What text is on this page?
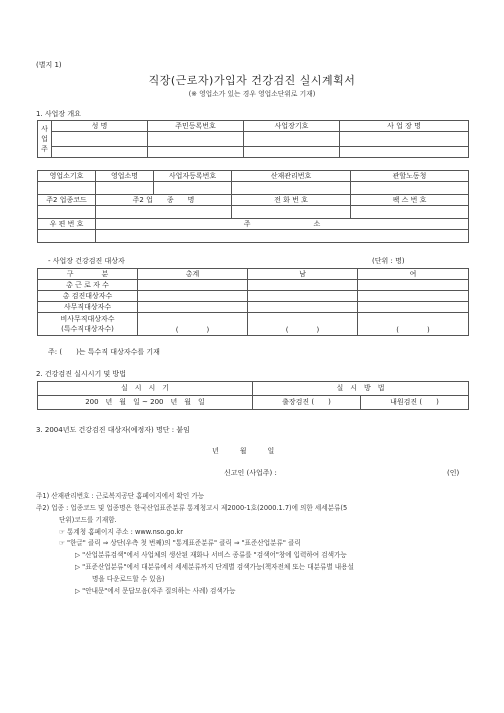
(별지 1)
직장(근로자)가입자 건강검진 실시계획서
(※ 영업소가 있는 경우 영업소단위로 기재)
1. 사업장 개요
사
업
주	성 명	주민등록번호	사업장기호	사 업 장 명

영업소기호	영업소명	사업자등록번호	산재관리번호	관할노동청

주2 업종코드	주2 업　　종　　명		전 화 번 호	팩 스 번 호

우 편 번 호	주　　　　　　　　　소			

- 사업장 건강검진 대상자	(단위 : 명)
구　　　　분	총계	남	여
총 근 로 자 수			
총 검진대상자수			
사무직대상자수			

비사무직대상자수
(특수직대상자수)	(　　　　)	(　　　　)	(　　　　)
주: (　　)는 특수직 대상자수를 기재
2. 건강검진 실시시기 및 방법
실　시　시　기	실　시　방　법	
200　년　월　일 ~ 200　년　월　일	출장검진 (　　)	내원검진 (　　)
3. 2004년도 건강검진 대상자(예정자) 명단 : 붙임
년　　　월　　　일
신고인 (사업주) :	(인)
주1) 산재관리번호 : 근로복지공단 홈페이지에서 확인 가능
주2) 업종 : 업종코드 및 업종명은 한국산업표준분류 통계청고시 제2000-1호(2000.1.7)에 의한 세세분류(5
단위)코드를 기재함.
☞ 통계청 홈페이지 주소 : www.nso.go.kr
☞ "한글" 클릭 ⇒ 상단(우측 첫 번째)의 "통계표준분류" 클릭 ⇒ "표준산업분류" 클릭
▷ "산업분류검색"에서 사업체의 생산된 재화나 서비스 종류를 "검색어"창에 입력하여 검색가능
▷ "표준산업분류"에서 대분류에서 세세분류까지 단계별 검색가능(책자전체 또는 대분류별 내용설
명을 다운로드할 수 있음)
▷ "안내문"에서 문답모음(자주 질의하는 사례) 검색가능
